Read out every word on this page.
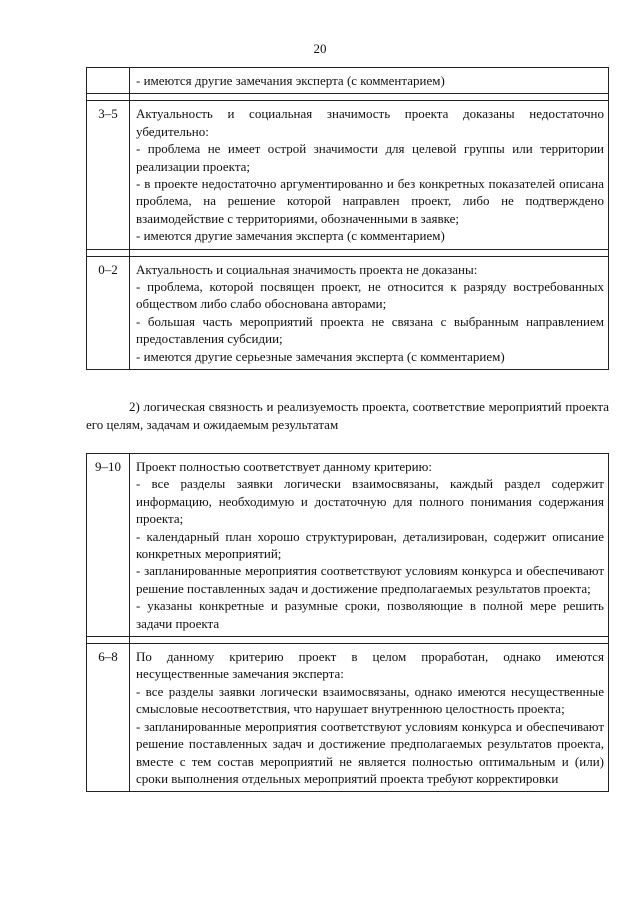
20

	- имеются другие замечания эксперта (с комментарием)

3–5	Актуальность и социальная значимость проекта доказаны недостаточно убедительно:
- проблема не имеет острой значимости для целевой группы или территории реализации проекта;
- в проекте недостаточно аргументированно и без конкретных показателей описана проблема, на решение которой направлен проект, либо не подтверждено взаимодействие с территориями, обозначенными в заявке;
- имеются другие замечания эксперта (с комментарием)

0–2	Актуальность и социальная значимость проекта не доказаны:
- проблема, которой посвящен проект, не относится к разряду востребованных обществом либо слабо обоснована авторами;
- большая часть мероприятий проекта не связана с выбранным направлением предоставления субсидии;
- имеются другие серьезные замечания эксперта (с комментарием)
2) логическая связность и реализуемость проекта, соответствие мероприятий проекта его целям, задачам и ожидаемым результатам
9–10	Проект полностью соответствует данному критерию:
- все разделы заявки логически взаимосвязаны, каждый раздел содержит информацию, необходимую и достаточную для полного понимания содержания проекта;
- календарный план хорошо структурирован, детализирован, содержит описание конкретных мероприятий;
- запланированные мероприятия соответствуют условиям конкурса и обеспечивают решение поставленных задач и достижение предполагаемых результатов проекта;
- указаны конкретные и разумные сроки, позволяющие в полной мере решить задачи проекта

6–8	По данному критерию проект в целом проработан, однако имеются несущественные замечания эксперта:
- все разделы заявки логически взаимосвязаны, однако имеются несущественные смысловые несоответствия, что нарушает внутреннюю целостность проекта;
- запланированные мероприятия соответствуют условиям конкурса и обеспечивают решение поставленных задач и достижение предполагаемых результатов проекта, вместе с тем состав мероприятий не является полностью оптимальным и (или) сроки выполнения отдельных мероприятий проекта требуют корректировки
